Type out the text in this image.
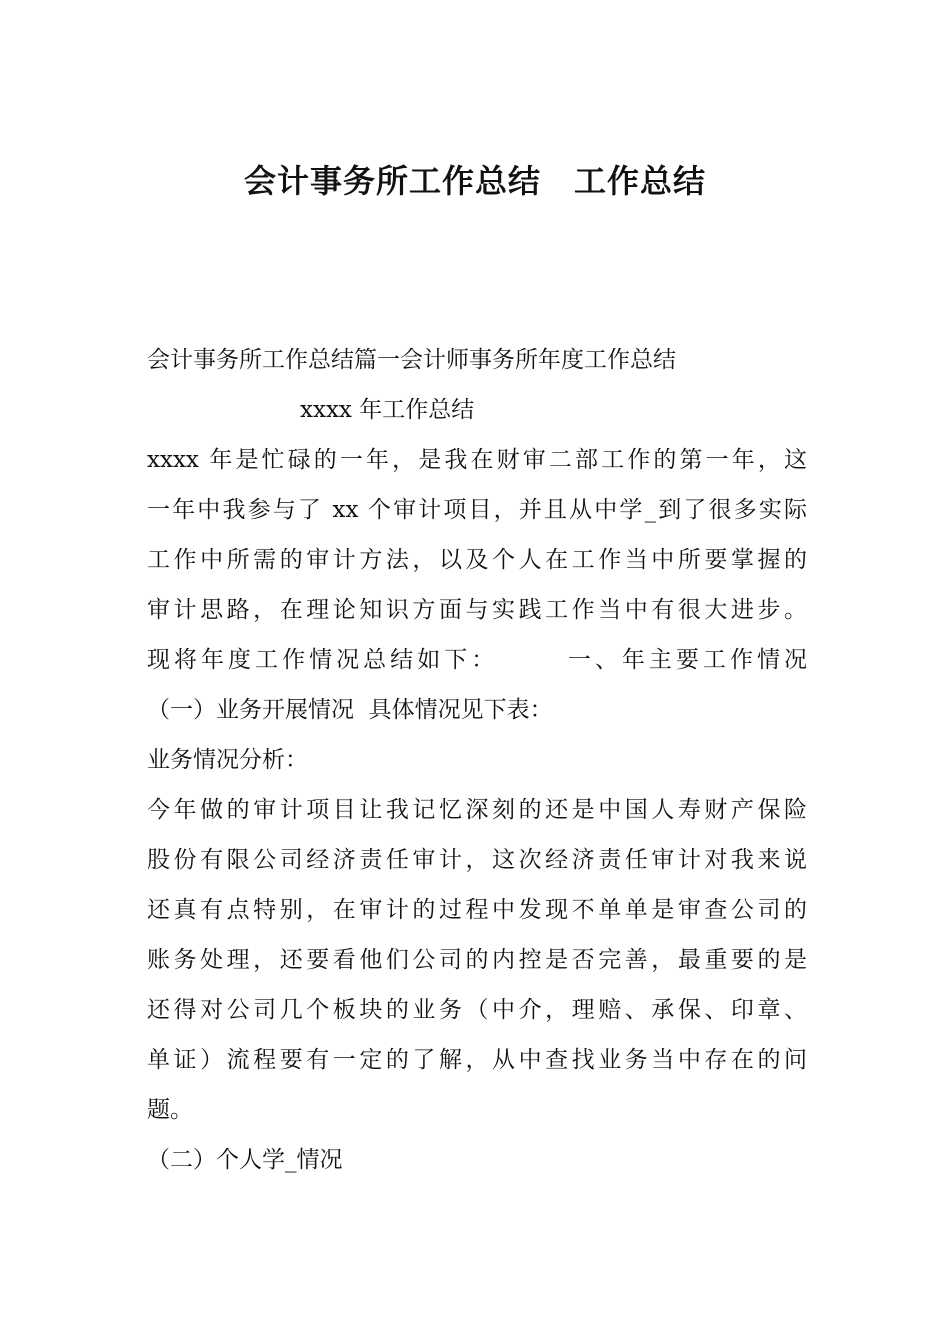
会计事务所工作总结　工作总结
会计事务所工作总结篇一会计师事务所年度工作总结
xxxx 年工作总结
xxxx 年是忙碌的一年，是我在财审二部工作的第一年，这
一年中我参与了 xx 个审计项目，并且从中学_到了很多实际
工作中所需的审计方法，以及个人在工作当中所要掌握的
审计思路，在理论知识方面与实践工作当中有很大进步。
现将年度工作情况总结如下：　　　一、年主要工作情况
（一）业务开展情况  具体情况见下表：
业务情况分析：
今年做的审计项目让我记忆深刻的还是中国人寿财产保险
股份有限公司经济责任审计，这次经济责任审计对我来说
还真有点特别，在审计的过程中发现不单单是审查公司的
账务处理，还要看他们公司的内控是否完善，最重要的是
还得对公司几个板块的业务（中介，理赔、承保、印章、
单证）流程要有一定的了解，从中查找业务当中存在的问
题。
（二）个人学_情况
